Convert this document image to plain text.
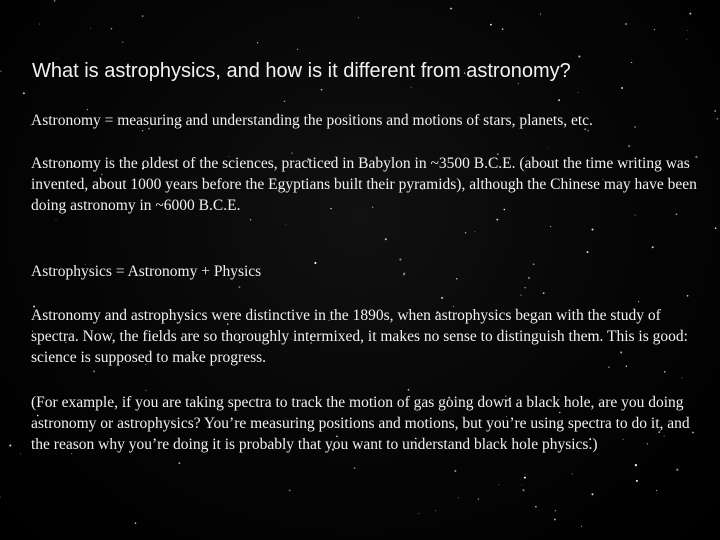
What is astrophysics, and how is it different from astronomy?

Astronomy = measuring and understanding the positions and motions of stars, planets, etc.

Astronomy is the oldest of the sciences, practiced in Babylon in ~3500 B.C.E. (about the time writing was invented, about 1000 years before the Egyptians built their pyramids), although the Chinese may have been doing astronomy in ~6000 B.C.E.

Astrophysics = Astronomy + Physics

Astronomy and astrophysics were distinctive in the 1890s, when astrophysics began with the study of spectra. Now, the fields are so thoroughly intermixed, it makes no sense to distinguish them. This is good: science is supposed to make progress.

(For example, if you are taking spectra to track the motion of gas going down a black hole, are you doing astronomy or astrophysics? You’re measuring positions and motions, but you’re using spectra to do it, and the reason why you’re doing it is probably that you want to understand black hole physics.)
